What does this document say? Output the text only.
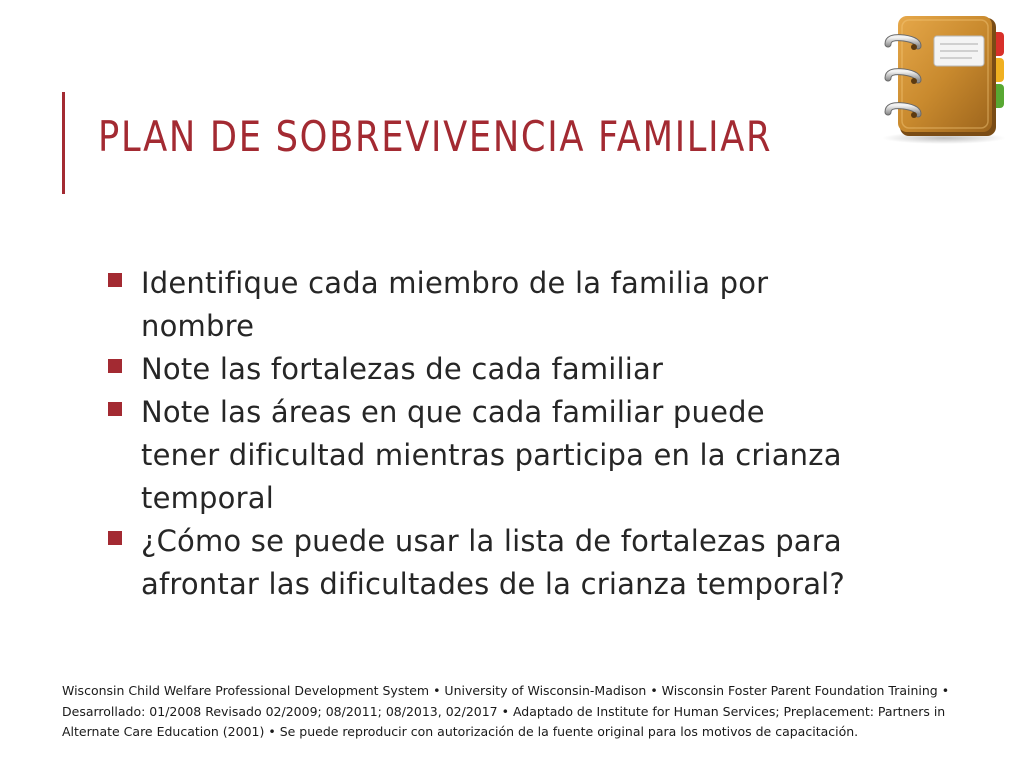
PLAN DE SOBREVIVENCIA FAMILIAR
Identifique cada miembro de la familia por nombre
Note las fortalezas de cada familiar
Note las áreas en que cada familiar puede tener dificultad mientras participa en la crianza temporal
¿Cómo se puede usar la lista de fortalezas para afrontar las dificultades de la crianza temporal?

Wisconsin Child Welfare Professional Development System • University of Wisconsin-Madison • Wisconsin Foster Parent Foundation Training • Desarrollado: 01/2008 Revisado 02/2009; 08/2011; 08/2013, 02/2017 • Adaptado de Institute for Human Services; Preplacement: Partners in Alternate Care Education (2001) • Se puede reproducir con autorización de la fuente original para los motivos de capacitación.
